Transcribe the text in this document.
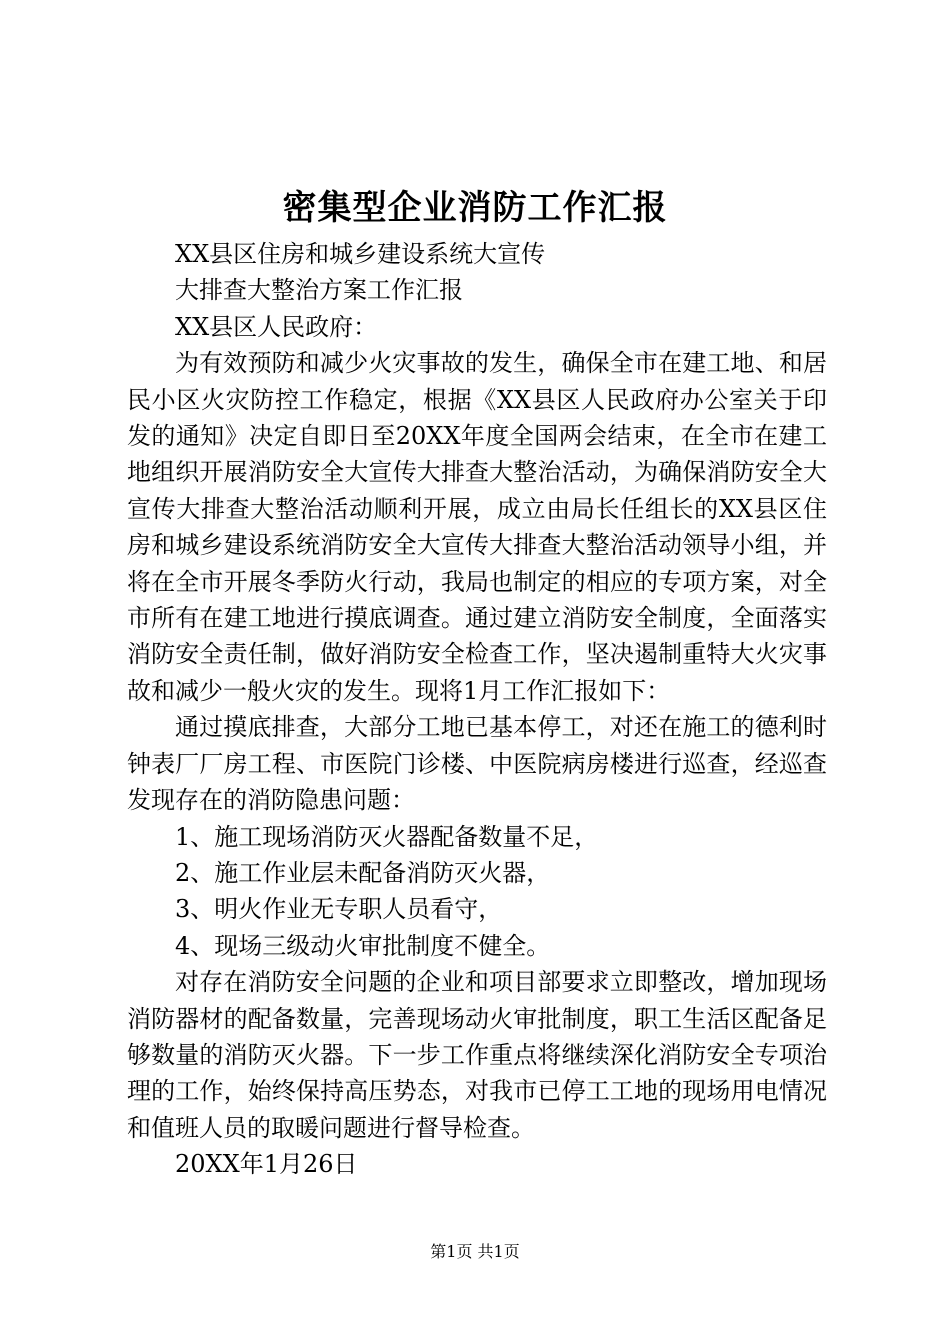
密集型企业消防工作汇报

XX县区住房和城乡建设系统大宣传

大排查大整治方案工作汇报

XX县区人民政府：

为有效预防和减少火灾事故的发生，确保全市在建工地、和居民小区火灾防控工作稳定，根据《XX县区人民政府办公室关于印发的通知》决定自即日至20XX年度全国两会结束，在全市在建工地组织开展消防安全大宣传大排查大整治活动，为确保消防安全大宣传大排查大整治活动顺利开展，成立由局长任组长的XX县区住房和城乡建设系统消防安全大宣传大排查大整治活动领导小组，并将在全市开展冬季防火行动，我局也制定的相应的专项方案，对全市所有在建工地进行摸底调查。通过建立消防安全制度，全面落实消防安全责任制，做好消防安全检查工作，坚决遏制重特大火灾事故和减少一般火灾的发生。现将1月工作汇报如下：

通过摸底排查，大部分工地已基本停工，对还在施工的德利时钟表厂厂房工程、市医院门诊楼、中医院病房楼进行巡查，经巡查发现存在的消防隐患问题：

1、施工现场消防灭火器配备数量不足，

2、施工作业层未配备消防灭火器，

3、明火作业无专职人员看守，

4、现场三级动火审批制度不健全。

对存在消防安全问题的企业和项目部要求立即整改，增加现场消防器材的配备数量，完善现场动火审批制度，职工生活区配备足够数量的消防灭火器。下一步工作重点将继续深化消防安全专项治理的工作，始终保持高压势态，对我市已停工工地的现场用电情况和值班人员的取暖问题进行督导检查。

20XX年1月26日

第1页 共1页
